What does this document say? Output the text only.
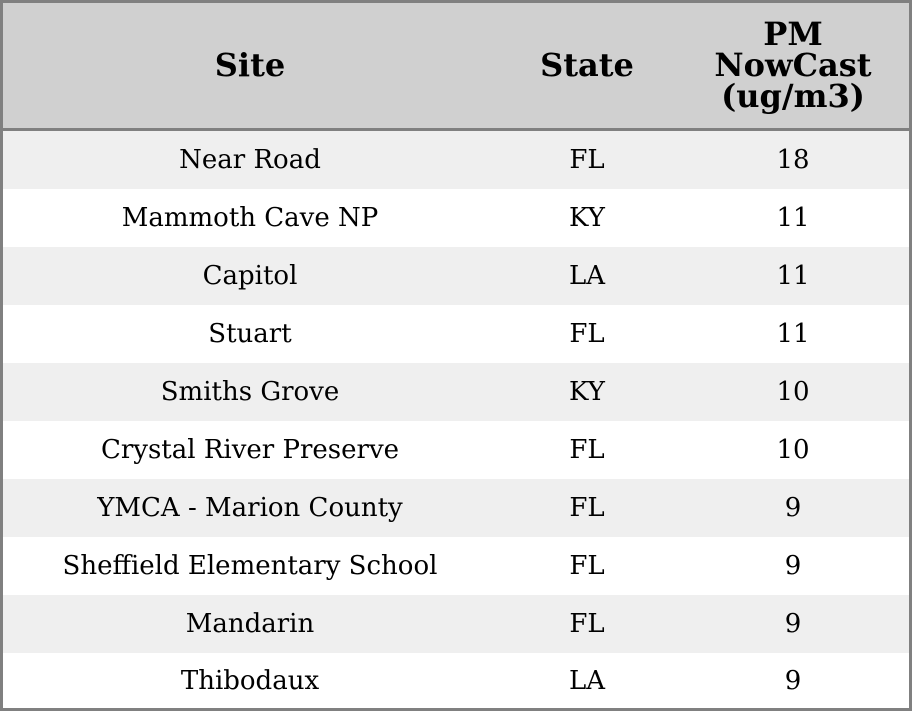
Site	State	PM
NowCast
(ug/m3)
Near Road	FL	18
Mammoth Cave NP	KY	11
Capitol	LA	11
Stuart	FL	11
Smiths Grove	KY	10
Crystal River Preserve	FL	10
YMCA - Marion County	FL	9
Sheffield Elementary School	FL	9
Mandarin	FL	9
Thibodaux	LA	9
